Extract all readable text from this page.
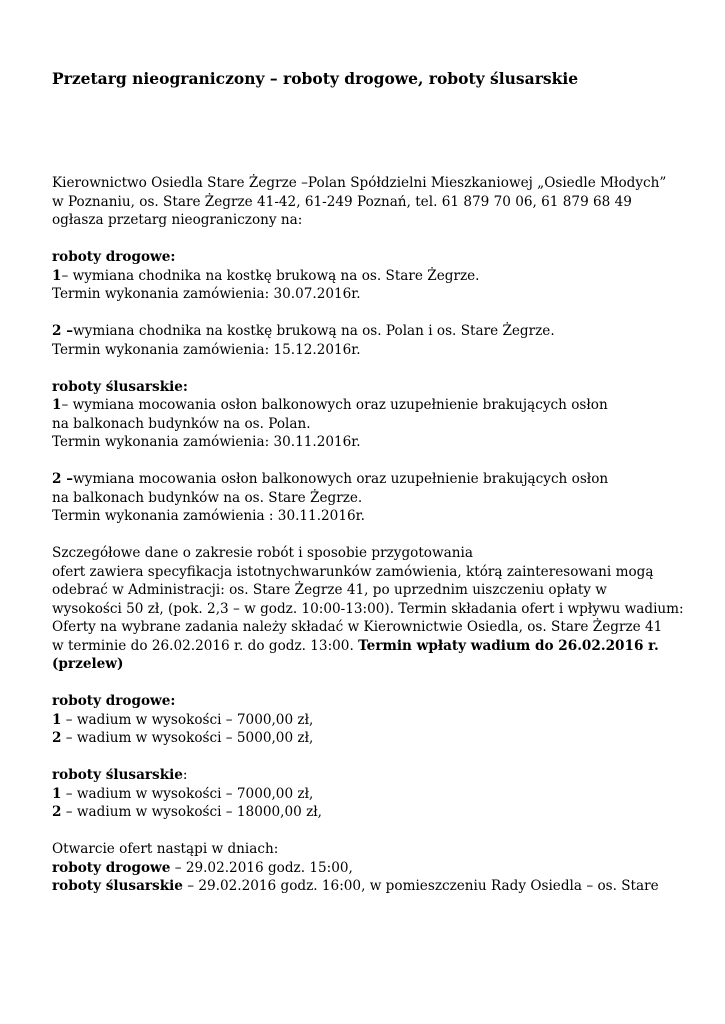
Przetarg nieograniczony – roboty drogowe, roboty ślusarskie
Kierownictwo Osiedla Stare Żegrze –Polan Spółdzielni Mieszkaniowej „Osiedle Młodych”
w Poznaniu, os. Stare Żegrze 41-42, 61-249 Poznań, tel. 61 879 70 06, 61 879 68 49
ogłasza przetarg nieograniczony na:
roboty drogowe:
1– wymiana chodnika na kostkę brukową na os. Stare Żegrze.
Termin wykonania zamówienia: 30.07.2016r.
2 –wymiana chodnika na kostkę brukową na os. Polan i os. Stare Żegrze.
Termin wykonania zamówienia: 15.12.2016r.
roboty ślusarskie:
1– wymiana mocowania osłon balkonowych oraz uzupełnienie brakujących osłon
na balkonach budynków na os. Polan.
Termin wykonania zamówienia: 30.11.2016r.
2 –wymiana mocowania osłon balkonowych oraz uzupełnienie brakujących osłon
na balkonach budynków na os. Stare Żegrze.
Termin wykonania zamówienia : 30.11.2016r.
Szczegółowe dane o zakresie robót i sposobie przygotowania
ofert zawiera specyfikacja istotnychwarunków zamówienia, którą zainteresowani mogą
odebrać w Administracji: os. Stare Żegrze 41, po uprzednim uiszczeniu opłaty w
wysokości 50 zł, (pok. 2,3 – w godz. 10:00-13:00). Termin składania ofert i wpływu wadium:
Oferty na wybrane zadania należy składać w Kierownictwie Osiedla, os. Stare Żegrze 41
w terminie do 26.02.2016 r. do godz. 13:00. Termin wpłaty wadium do 26.02.2016 r.
(przelew)
roboty drogowe:
1 – wadium w wysokości – 7000,00 zł,
2 – wadium w wysokości – 5000,00 zł,
roboty ślusarskie:
1 – wadium w wysokości – 7000,00 zł,
2 – wadium w wysokości – 18000,00 zł,
Otwarcie ofert nastąpi w dniach:
roboty drogowe – 29.02.2016 godz. 15:00,
roboty ślusarskie – 29.02.2016 godz. 16:00, w pomieszczeniu Rady Osiedla – os. Stare
